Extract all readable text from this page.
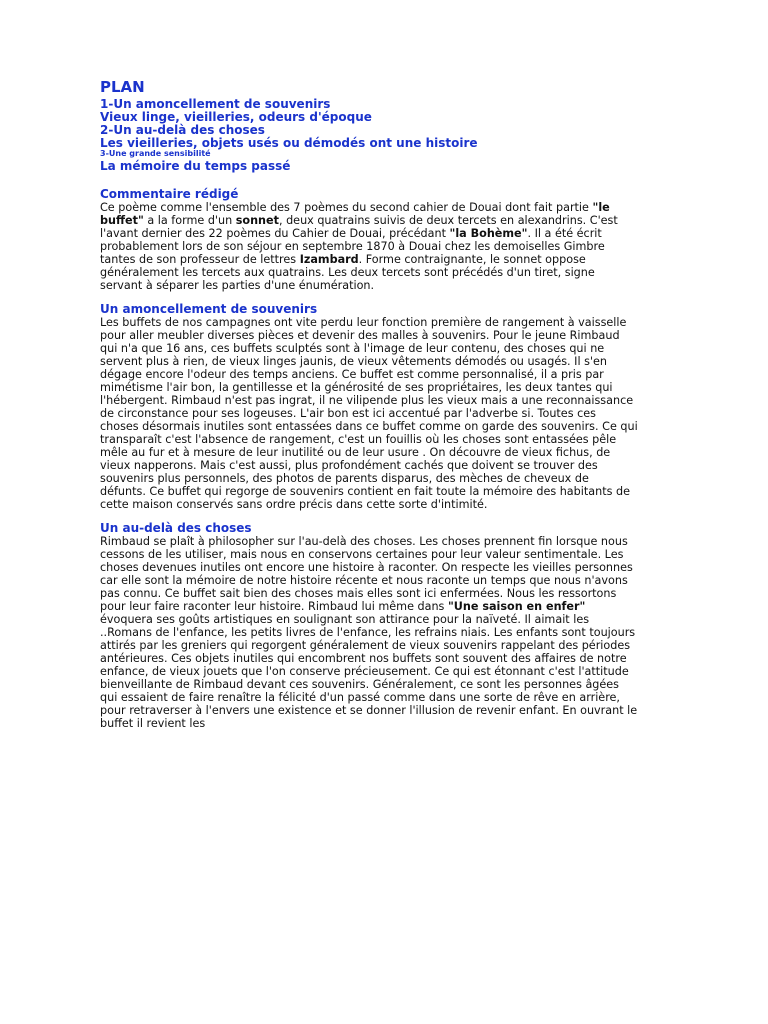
PLAN

1-Un amoncellement de souvenirs

Vieux linge, vieilleries, odeurs d'époque

2-Un au-delà des choses

Les vieilleries, objets usés ou démodés ont une histoire

3-Une grande sensibilité

La mémoire du temps passé

Commentaire rédigé

Ce poème comme l'ensemble des 7 poèmes du second cahier de Douai dont fait partie "le buffet" a la forme d'un sonnet, deux quatrains suivis de deux tercets en alexandrins. C'est l'avant dernier des 22 poèmes du Cahier de Douai, précédant "la Bohème". Il a été écrit probablement lors de son séjour en septembre 1870 à Douai chez les demoiselles Gimbre tantes de son professeur de lettres Izambard. Forme contraignante, le sonnet oppose généralement les tercets aux quatrains. Les deux tercets sont précédés d'un tiret, signe servant à séparer les parties d'une énumération.

Un amoncellement de souvenirs

Les buffets de nos campagnes ont vite perdu leur fonction première de rangement à vaisselle pour aller meubler diverses pièces et devenir des malles à souvenirs. Pour le jeune Rimbaud qui n'a que 16 ans, ces buffets sculptés sont à l'image de leur contenu, des choses qui ne servent plus à rien, de vieux linges jaunis, de vieux vêtements démodés ou usagés. Il s'en dégage encore l'odeur des temps anciens. Ce buffet est comme personnalisé, il a pris par mimétisme l'air bon, la gentillesse et la générosité de ses propriétaires, les deux tantes qui l'hébergent. Rimbaud n'est pas ingrat, il ne vilipende plus les vieux mais a une reconnaissance de circonstance pour ses logeuses. L'air bon est ici accentué par l'adverbe si. Toutes ces choses désormais inutiles sont entassées dans ce buffet comme on garde des souvenirs. Ce qui transparaît c'est l'absence de rangement, c'est un fouillis où les choses sont entassées pêle mêle au fur et à mesure de leur inutilité ou de leur usure . On découvre de vieux fichus, de vieux napperons. Mais c'est aussi, plus profondément cachés que doivent se trouver des souvenirs plus personnels, des photos de parents disparus, des mèches de cheveux de défunts. Ce buffet qui regorge de souvenirs contient en fait toute la mémoire des habitants de cette maison conservés sans ordre précis dans cette sorte d'intimité.

Un au-delà des choses

Rimbaud se plaît à philosopher sur l'au-delà des choses. Les choses prennent fin lorsque nous cessons de les utiliser, mais nous en conservons certaines pour leur valeur sentimentale. Les choses devenues inutiles ont encore une histoire à raconter. On respecte les vieilles personnes car elle sont la mémoire de notre histoire récente et nous raconte un temps que nous n'avons pas connu. Ce buffet sait bien des choses mais elles sont ici enfermées. Nous les ressortons pour leur faire raconter leur histoire. Rimbaud lui même dans "Une saison en enfer" évoquera ses goûts artistiques en soulignant son attirance pour la naïveté. Il aimait les ..Romans de l'enfance, les petits livres de l'enfance, les refrains niais. Les enfants sont toujours attirés par les greniers qui regorgent généralement de vieux souvenirs rappelant des périodes antérieures. Ces objets inutiles qui encombrent nos buffets sont souvent des affaires de notre enfance, de vieux jouets que l'on conserve précieusement. Ce qui est étonnant c'est l'attitude bienveillante de Rimbaud devant ces souvenirs. Généralement, ce sont les personnes âgées qui essaient de faire renaître la félicité d'un passé comme dans une sorte de rêve en arrière, pour retraverser à l'envers une existence et se donner l'illusion de revenir enfant. En ouvrant le buffet il revient les
